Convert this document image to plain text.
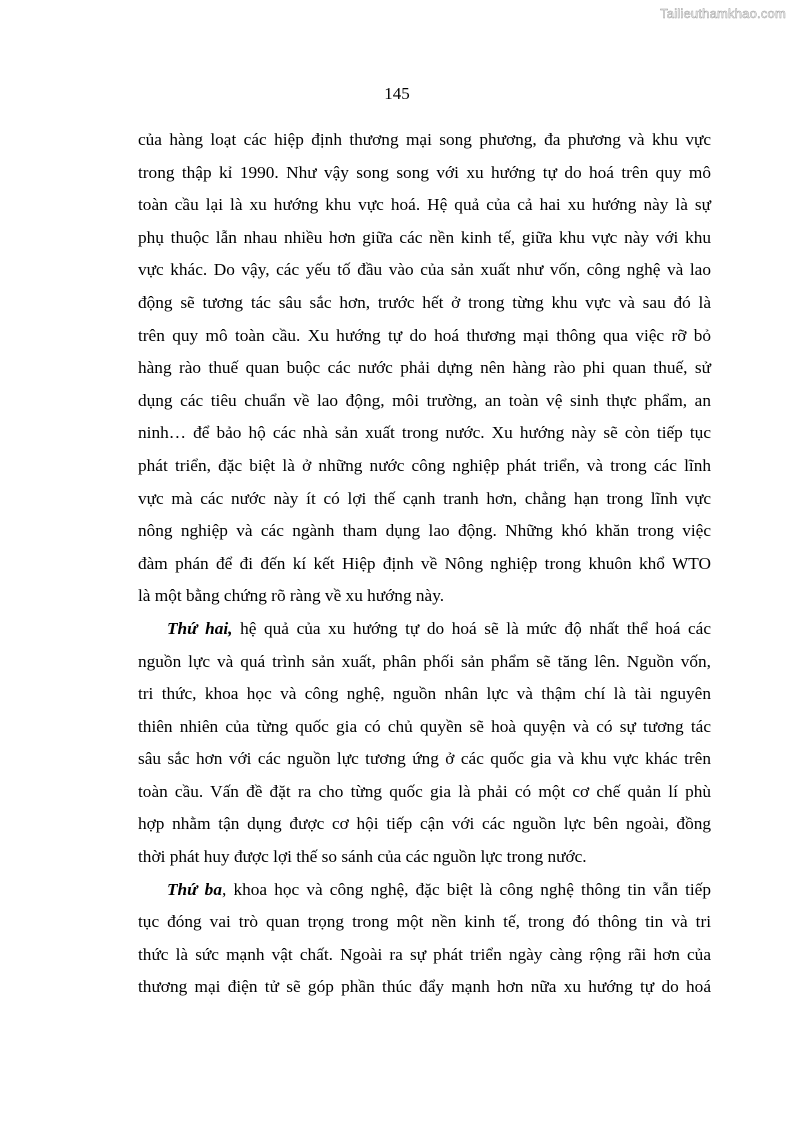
Tailieuthamkhao.com
145
của hàng loạt các hiệp định thương mại song phương, đa phương và khu vực
trong thập kỉ 1990. Như vậy song song với xu hướng tự do hoá trên quy mô
toàn cầu lại là xu hướng khu vực hoá. Hệ quả của cả hai xu hướng này là sự
phụ thuộc lẫn nhau nhiều hơn giữa các nền kinh tế, giữa khu vực này với khu
vực khác. Do vậy, các yếu tố đầu vào của sản xuất như vốn, công nghệ và lao
động sẽ tương tác sâu sắc hơn, trước hết ở trong từng khu vực và sau đó là
trên quy mô toàn cầu. Xu hướng tự do hoá thương mại thông qua việc rỡ bỏ
hàng rào thuế quan buộc các nước phải dựng nên hàng rào phi quan thuế, sử
dụng các tiêu chuẩn về lao động, môi trường, an toàn vệ sinh thực phẩm, an
ninh… để bảo hộ các nhà sản xuất trong nước. Xu hướng này sẽ còn tiếp tục
phát triển, đặc biệt là ở những nước công nghiệp phát triển, và trong các lĩnh
vực mà các nước này ít có lợi thế cạnh tranh hơn, chẳng hạn trong lĩnh vực
nông nghiệp và các ngành tham dụng lao động. Những khó khăn trong việc
đàm phán để đi đến kí kết Hiệp định về Nông nghiệp trong khuôn khổ WTO
là một bằng chứng rõ ràng về xu hướng này.
Thứ hai, hệ quả của xu hướng tự do hoá sẽ là mức độ nhất thể hoá các
nguồn lực và quá trình sản xuất, phân phối sản phẩm sẽ tăng lên. Nguồn vốn,
tri thức, khoa học và công nghệ, nguồn nhân lực và thậm chí là tài nguyên
thiên nhiên của từng quốc gia có chủ quyền sẽ hoà quyện và có sự tương tác
sâu sắc hơn với các nguồn lực tương ứng ở các quốc gia và khu vực khác trên
toàn cầu. Vấn đề đặt ra cho từng quốc gia là phải có một cơ chế quản lí phù
hợp nhằm tận dụng được cơ hội tiếp cận với các nguồn lực bên ngoài, đồng
thời phát huy được lợi thế so sánh của các nguồn lực trong nước.
Thứ ba, khoa học và công nghệ, đặc biệt là công nghệ thông tin vẫn tiếp
tục đóng vai trò quan trọng trong một nền kinh tế, trong đó thông tin và tri
thức là sức mạnh vật chất. Ngoài ra sự phát triển ngày càng rộng rãi hơn của
thương mại điện tử sẽ góp phần thúc đẩy mạnh hơn nữa xu hướng tự do hoá
